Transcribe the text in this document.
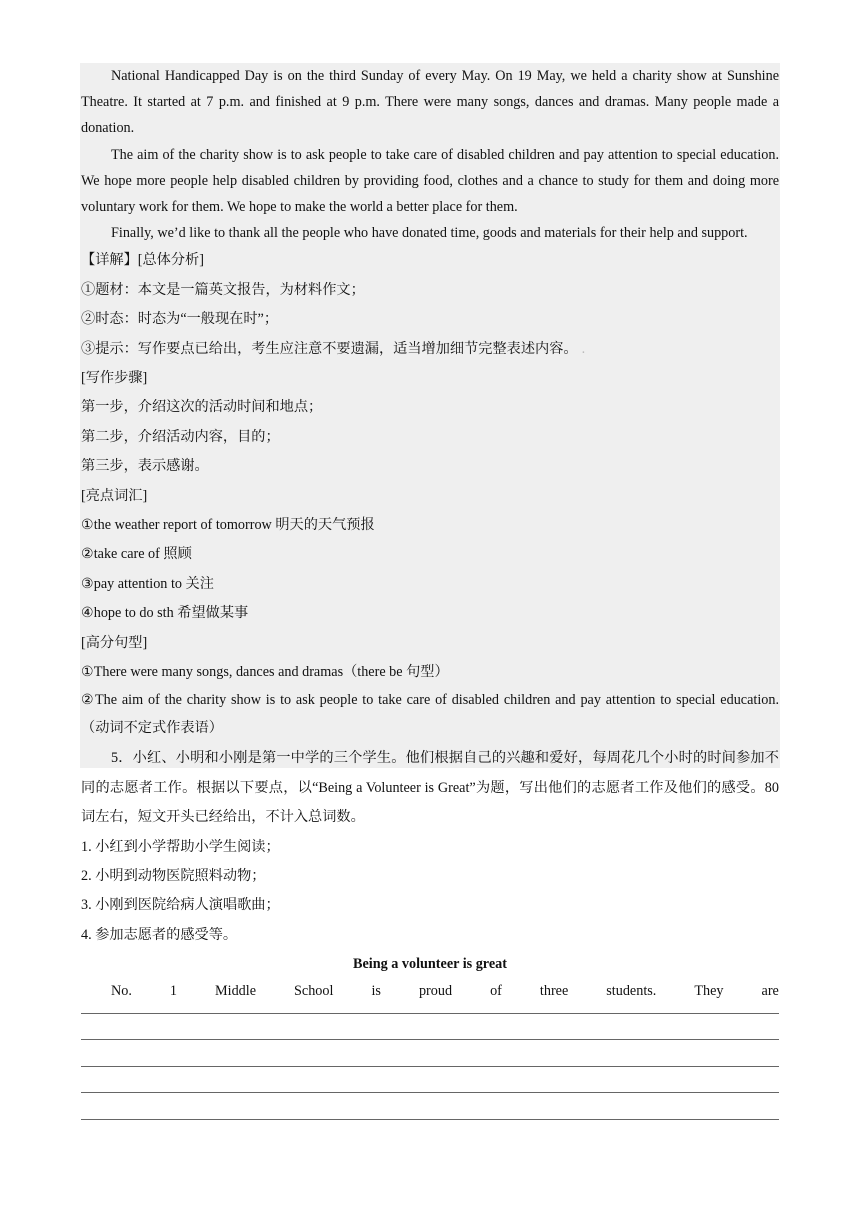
National Handicapped Day is on the third Sunday of every May. On 19 May, we held a charity show at Sunshine Theatre. It started at 7 p.m. and finished at 9 p.m. There were many songs, dances and dramas. Many people made a donation.

The aim of the charity show is to ask people to take care of disabled children and pay attention to special education. We hope more people help disabled children by providing food, clothes and a chance to study for them and doing more voluntary work for them. We hope to make the world a better place for them.

Finally, we’d like to thank all the people who have donated time, goods and materials for their help and support.

【详解】[总体分析]

①题材：本文是一篇英文报告，为材料作文；

②时态：时态为“一般现在时”；

③提示：写作要点已给出，考生应注意不要遗漏，适当增加细节完整表述内容。 .

[写作步骤]

第一步，介绍这次的活动时间和地点；

第二步，介绍活动内容，目的；

第三步，表示感谢。

[亮点词汇]

①the weather report of tomorrow 明天的天气预报

②take care of 照顾

③pay attention to 关注

④hope to do sth 希望做某事

[高分句型]

①There were many songs, dances and dramas（there be 句型）

②The aim of the charity show is to ask people to take care of disabled children and pay attention to special education.（动词不定式作表语）

5．小红、小明和小刚是第一中学的三个学生。他们根据自己的兴趣和爱好，每周花几个小时的时间参加不同的志愿者工作。根据以下要点，以“Being a Volunteer is Great”为题，写出他们的志愿者工作及他们的感受。80 词左右，短文开头已经给出，不计入总词数。

1. 小红到小学帮助小学生阅读；

2. 小明到动物医院照料动物；

3. 小刚到医院给病人演唱歌曲；

4. 参加志愿者的感受等。

Being a volunteer is great

No.	1	Middle	School	is	proud	of	three	students.	They	are
